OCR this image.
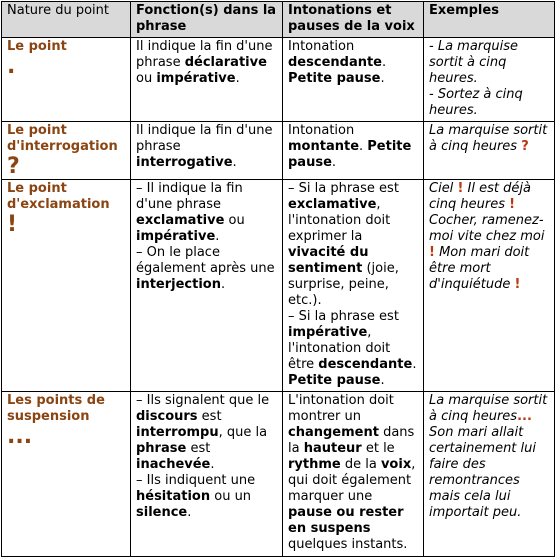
Nature du point	Fonction(s) dans la phrase	Intonations et pauses de la voix	Exemples

Le point
.	Il indique la fin d'une phrase déclarative ou impérative.	Intonation descendante. Petite pause.	- La marquise sortit à cinq heures.
- Sortez à cinq heures.

Le point d'interrogation
?	Il indique la fin d'une phrase interrogative.	Intonation montante. Petite pause.	La marquise sortit à cinq heures ?

Le point d'exclamation
!	– Il indique la fin d'une phrase exclamative ou impérative.
– On le place également après une interjection.	– Si la phrase est exclamative, l'intonation doit exprimer la vivacité du sentiment (joie, surprise, peine, etc.).
– Si la phrase est impérative, l'intonation doit être descendante. Petite pause.	Ciel ! Il est déjà cinq heures ! Cocher, ramenez-moi vite chez moi ! Mon mari doit être mort d'inquiétude !

Les points de suspension
...	– Ils signalent que le discours est interrompu, que la phrase est inachevée.
– Ils indiquent une hésitation ou un silence.	L'intonation doit montrer un changement dans la hauteur et le rythme de la voix, qui doit également marquer une pause ou rester en suspens quelques instants.	La marquise sortit à cinq heures... Son mari allait certainement lui faire des remontrances mais cela lui importait peu.
